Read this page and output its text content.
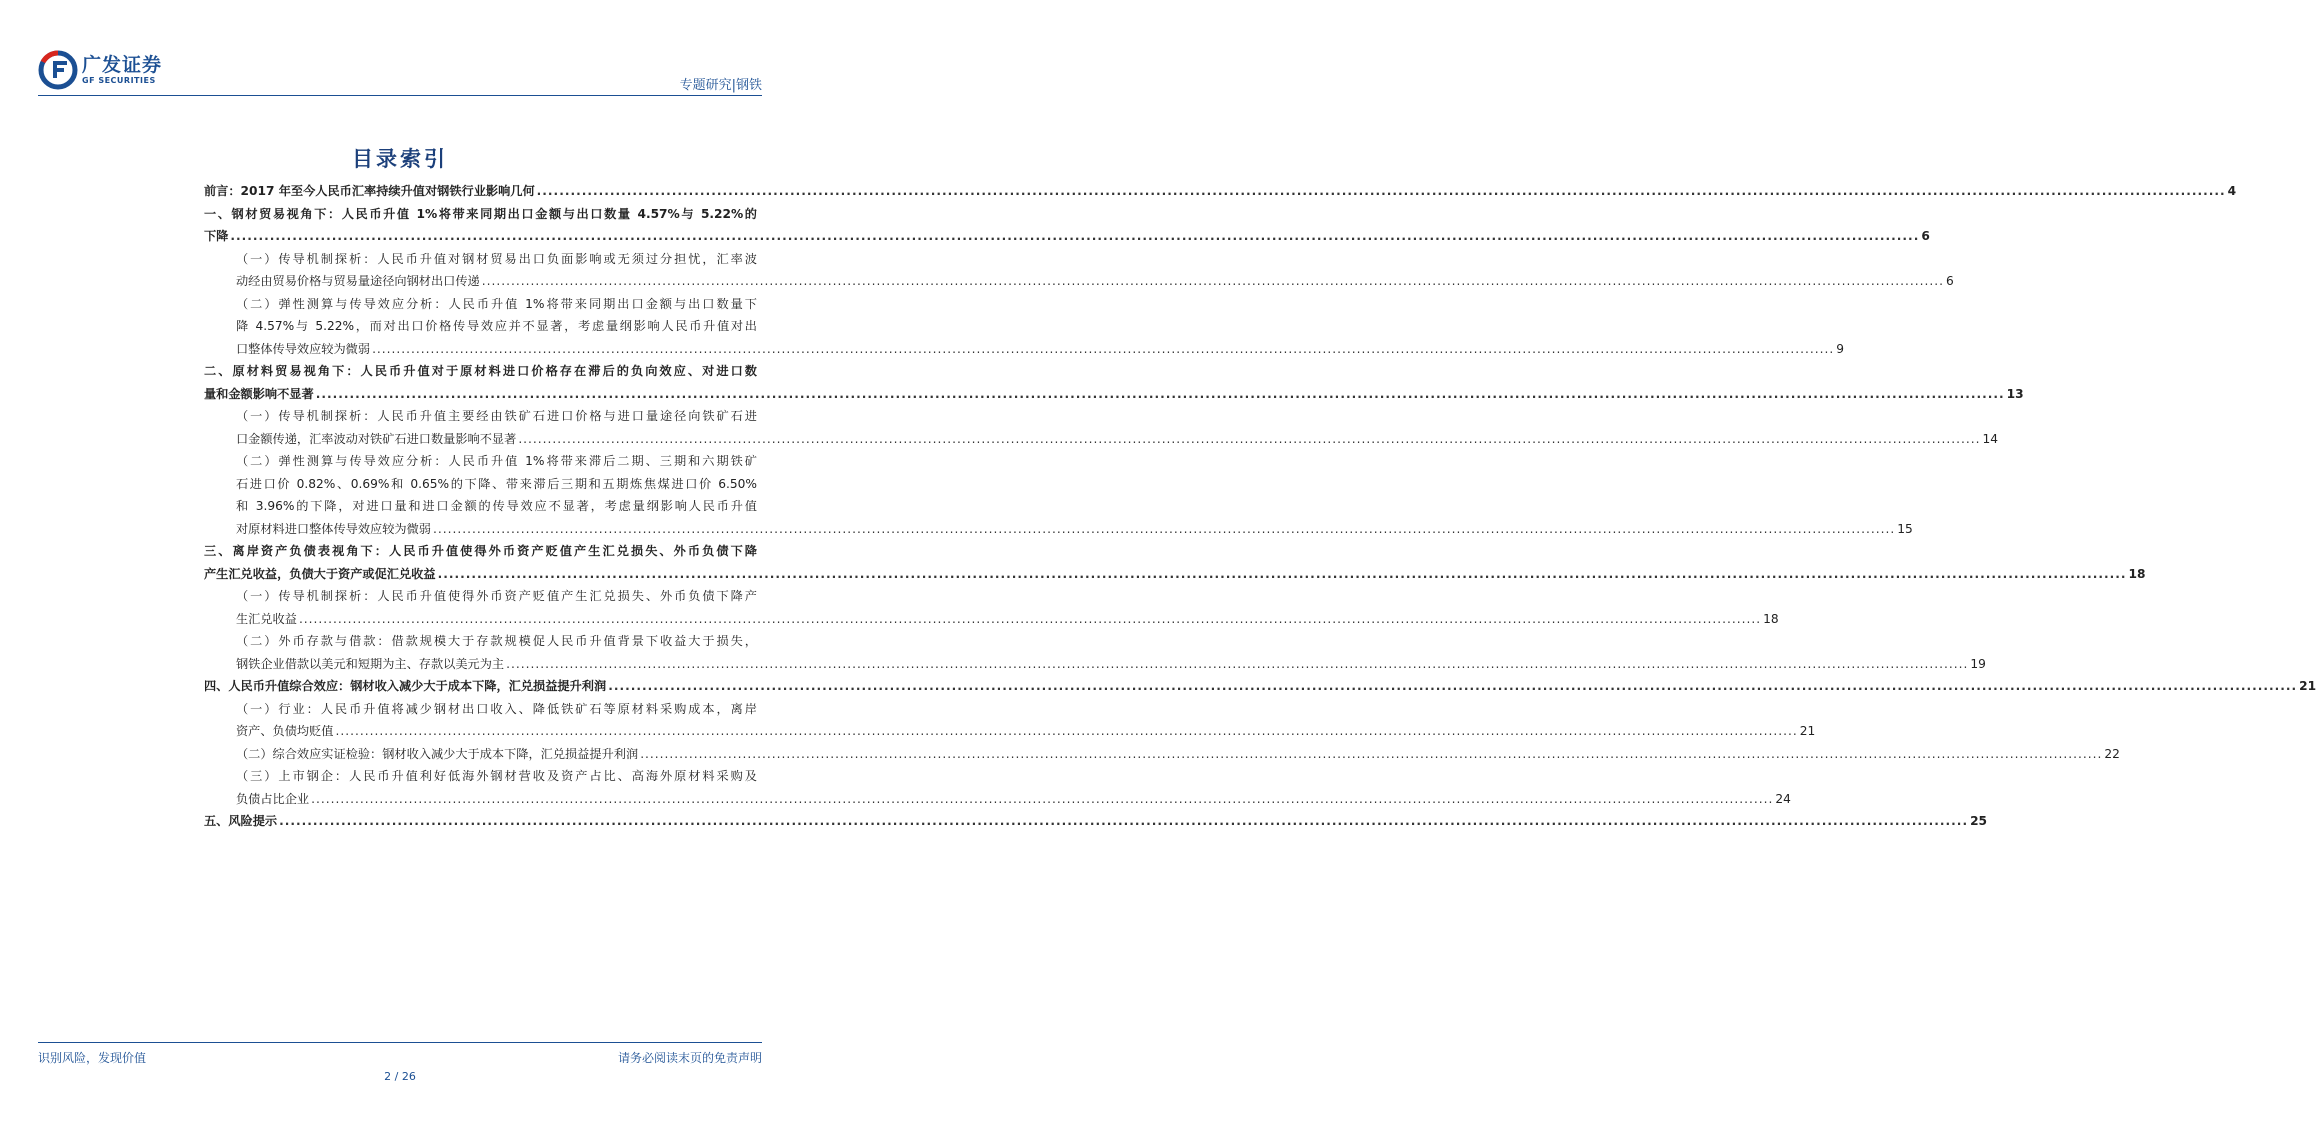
广发证券
GF SECURITIES	专题研究|钢铁
目录索引
前言：2017 年至今人民币汇率持续升值对钢铁行业影响几何 ............................................................................................................................................................................................................................................................................................................ 4
一、钢材贸易视角下：人民币升值 1%将带来同期出口金额与出口数量 4.57%与 5.22%的
下降 ............................................................................................................................................................................................................................................................................................................ 6
（一）传导机制探析：人民币升值对钢材贸易出口负面影响或无须过分担忧，汇率波
动经由贸易价格与贸易量途径向钢材出口传递 ............................................................................................................................................................................................................................................................................................................ 6
（二）弹性测算与传导效应分析：人民币升值 1%将带来同期出口金额与出口数量下
降 4.57%与 5.22%，而对出口价格传导效应并不显著，考虑量纲影响人民币升值对出
口整体传导效应较为微弱 ............................................................................................................................................................................................................................................................................................................ 9
二、原材料贸易视角下：人民币升值对于原材料进口价格存在滞后的负向效应、对进口数
量和金额影响不显著 ............................................................................................................................................................................................................................................................................................................ 13
（一）传导机制探析：人民币升值主要经由铁矿石进口价格与进口量途径向铁矿石进
口金额传递，汇率波动对铁矿石进口数量影响不显著 ............................................................................................................................................................................................................................................................................................................ 14
（二）弹性测算与传导效应分析：人民币升值 1%将带来滞后二期、三期和六期铁矿
石进口价 0.82%、0.69%和 0.65%的下降、带来滞后三期和五期炼焦煤进口价 6.50%
和 3.96%的下降，对进口量和进口金额的传导效应不显著，考虑量纲影响人民币升值
对原材料进口整体传导效应较为微弱 ............................................................................................................................................................................................................................................................................................................ 15
三、离岸资产负债表视角下：人民币升值使得外币资产贬值产生汇兑损失、外币负债下降
产生汇兑收益，负债大于资产或促汇兑收益 ............................................................................................................................................................................................................................................................................................................ 18
（一）传导机制探析：人民币升值使得外币资产贬值产生汇兑损失、外币负债下降产
生汇兑收益 ............................................................................................................................................................................................................................................................................................................ 18
（二）外币存款与借款：借款规模大于存款规模促人民币升值背景下收益大于损失，
钢铁企业借款以美元和短期为主、存款以美元为主 ............................................................................................................................................................................................................................................................................................................ 19
四、人民币升值综合效应：钢材收入减少大于成本下降，汇兑损益提升利润 ............................................................................................................................................................................................................................................................................................................ 21
（一）行业：人民币升值将减少钢材出口收入、降低铁矿石等原材料采购成本，离岸
资产、负债均贬值 ............................................................................................................................................................................................................................................................................................................ 21
（二）综合效应实证检验：钢材收入减少大于成本下降，汇兑损益提升利润 ............................................................................................................................................................................................................................................................................................................ 22
（三）上市钢企：人民币升值利好低海外钢材营收及资产占比、高海外原材料采购及
负债占比企业 ............................................................................................................................................................................................................................................................................................................ 24
五、风险提示 ............................................................................................................................................................................................................................................................................................................ 25
识别风险，发现价值	请务必阅读末页的免责声明
2 / 26
